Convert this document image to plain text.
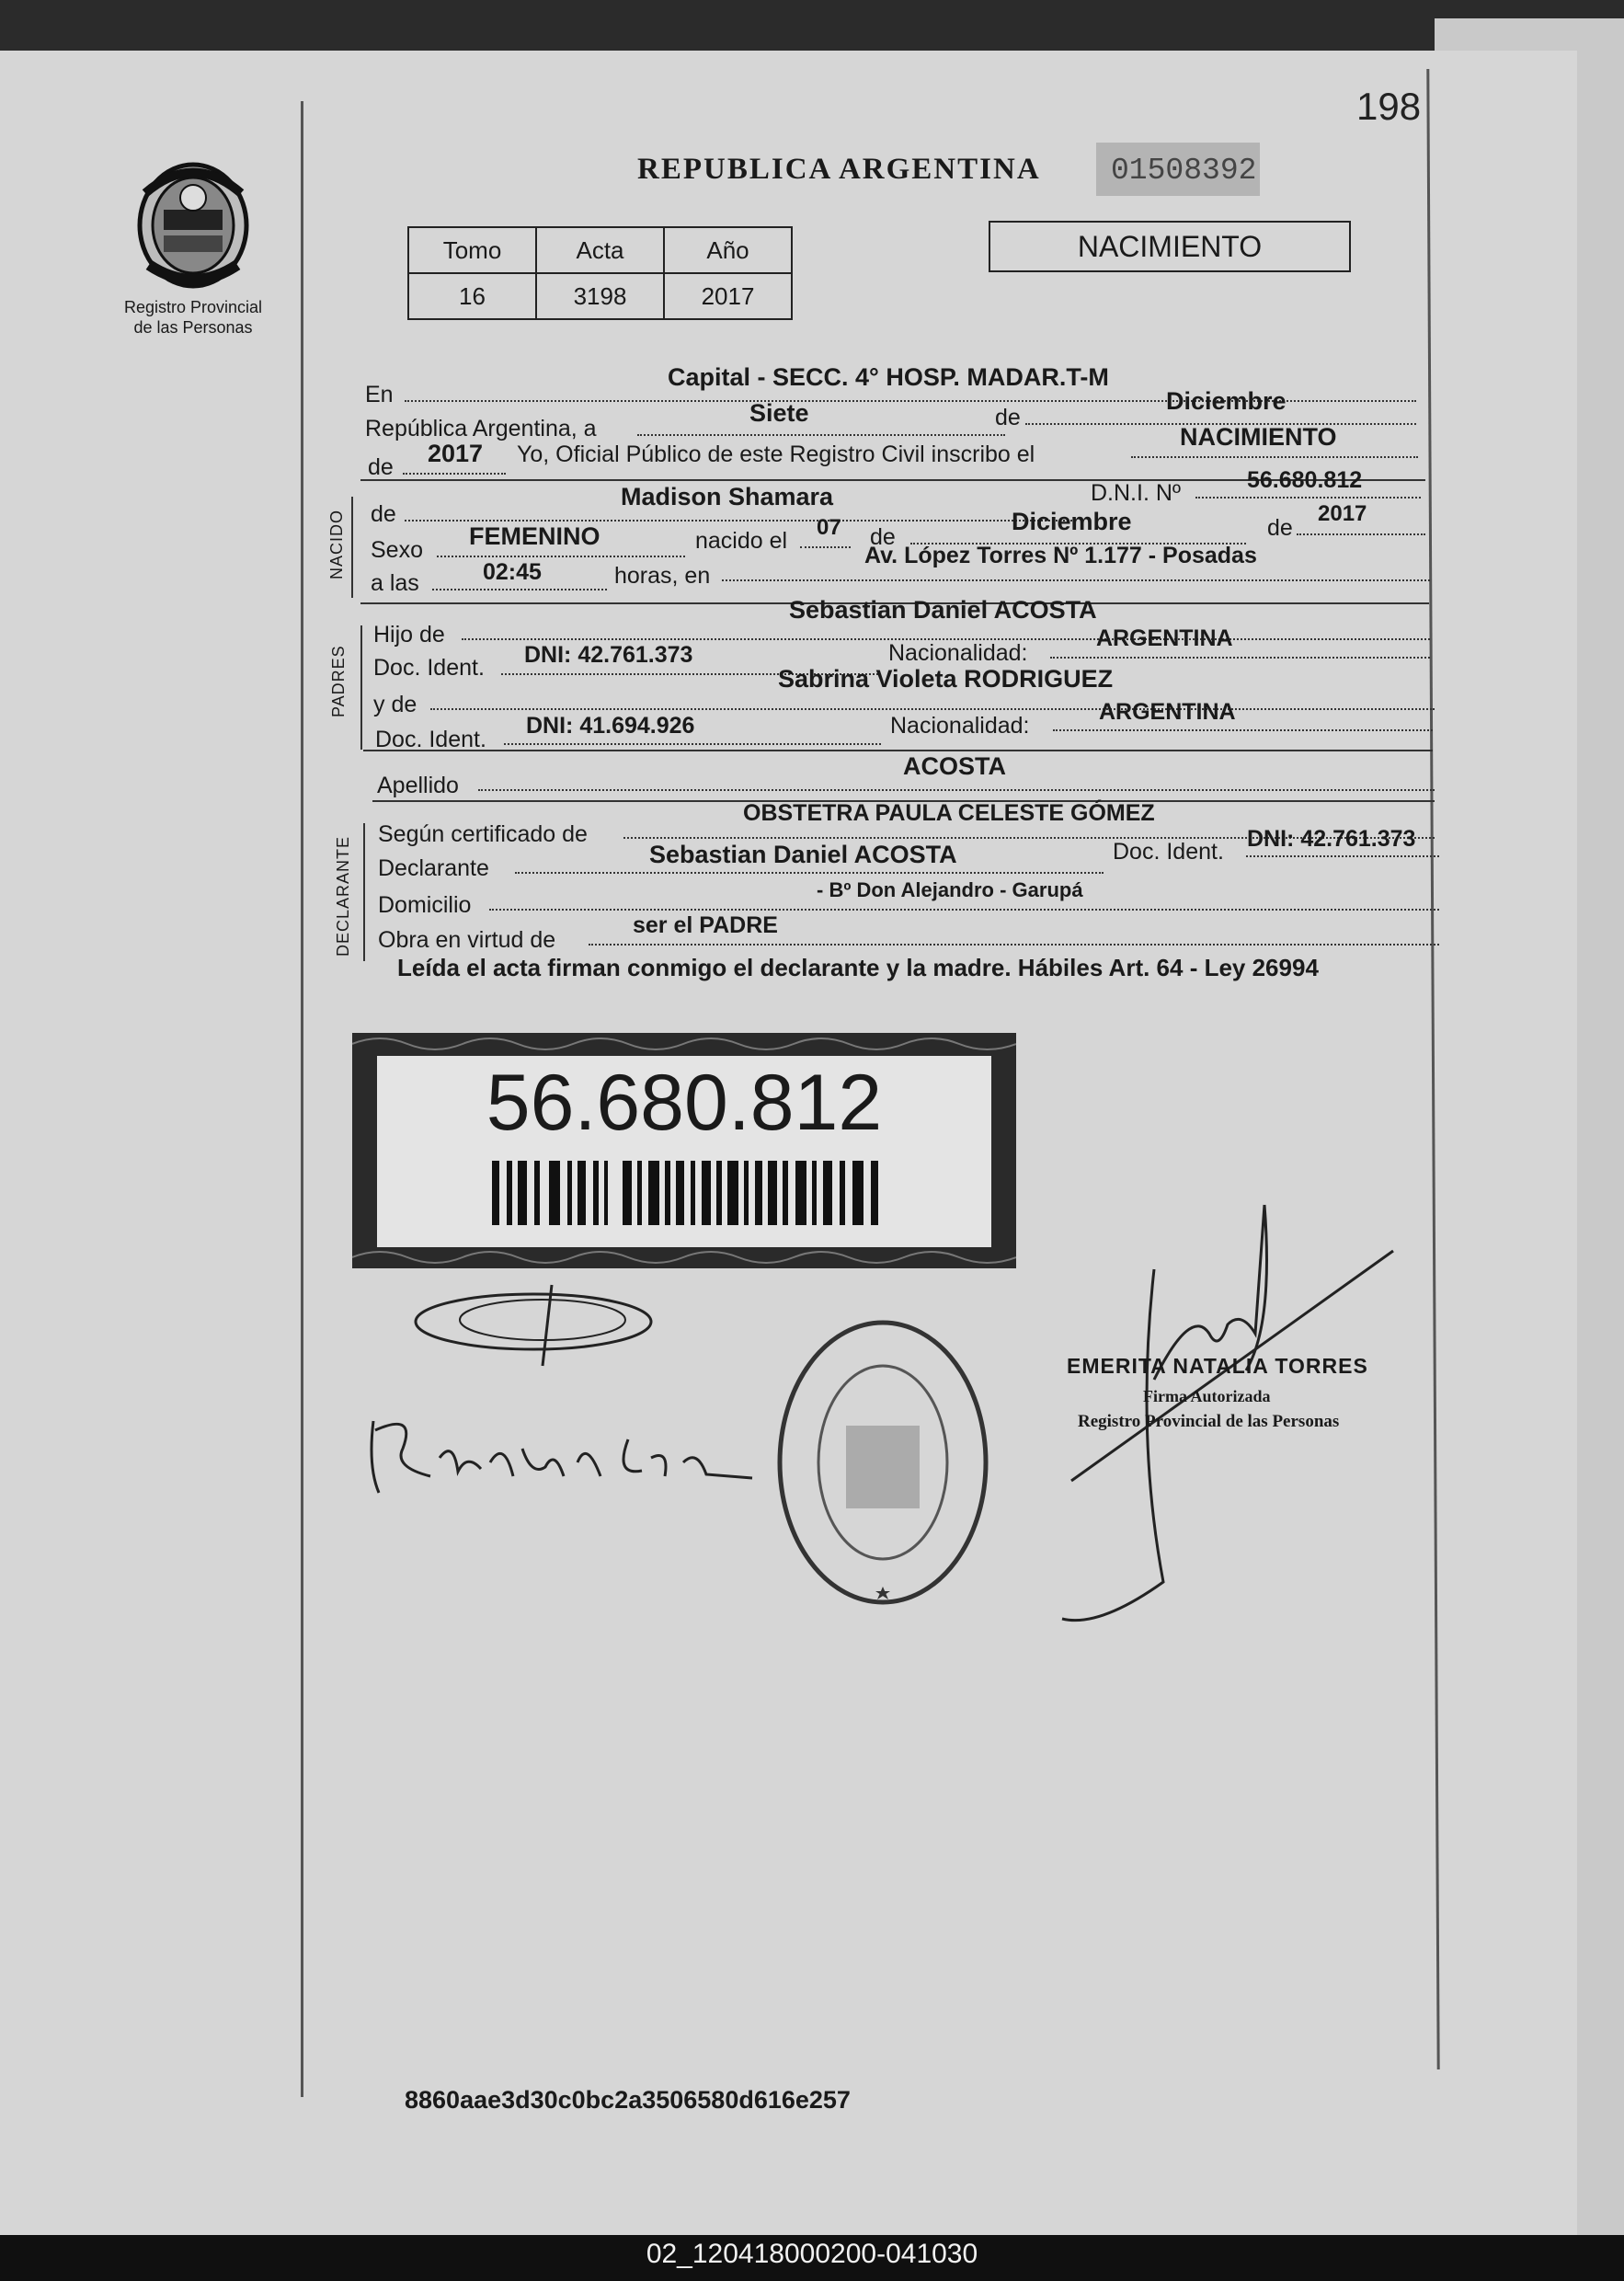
198
Registro Provincial
de las Personas
REPUBLICA ARGENTINA 01508392
Tomo	Acta	Año
16	3198	2017
NACIMIENTO
En
Capital - SECC. 4° HOSP. MADAR.T-M
República Argentina, a
Siete	de
Diciembre
de 2017 Yo, Oficial Público de este Registro Civil inscribo el
NACIMIENTO
NACIDO de
Madison Shamara	D.N.I. Nº	56.680.812
Sexo FEMENINO	nacido el
07 de
Diciembre	de
2017
a las	02:45	horas, en
Av. López Torres Nº 1.177 - Posadas
PADRES
Hijo de
Sebastian Daniel ACOSTA
Doc. Ident. DNI: 42.761.373	Nacionalidad:
ARGENTINA
y de
Sabrina Violeta RODRIGUEZ
Doc. Ident.
DNI: 41.694.926	Nacionalidad:
ARGENTINA
Apellido
ACOSTA
DECLARANTE
Según certificado de
OBSTETRA PAULA CELESTE GÓMEZ
Declarante	Sebastian Daniel ACOSTA	Doc. Ident. DNI: 42.761.373
Domicilio
- Bº Don Alejandro - Garupá
Obra en virtud de
ser el PADRE
Leída el acta firman conmigo el declarante y la madre. Hábiles Art. 64 - Ley 26994
56.680.812
EMERITA NATALIA TORRES
Firma Autorizada
Registro Provincial de las Personas
8860aae3d30c0bc2a3506580d616e257
02_120418000200-041030
